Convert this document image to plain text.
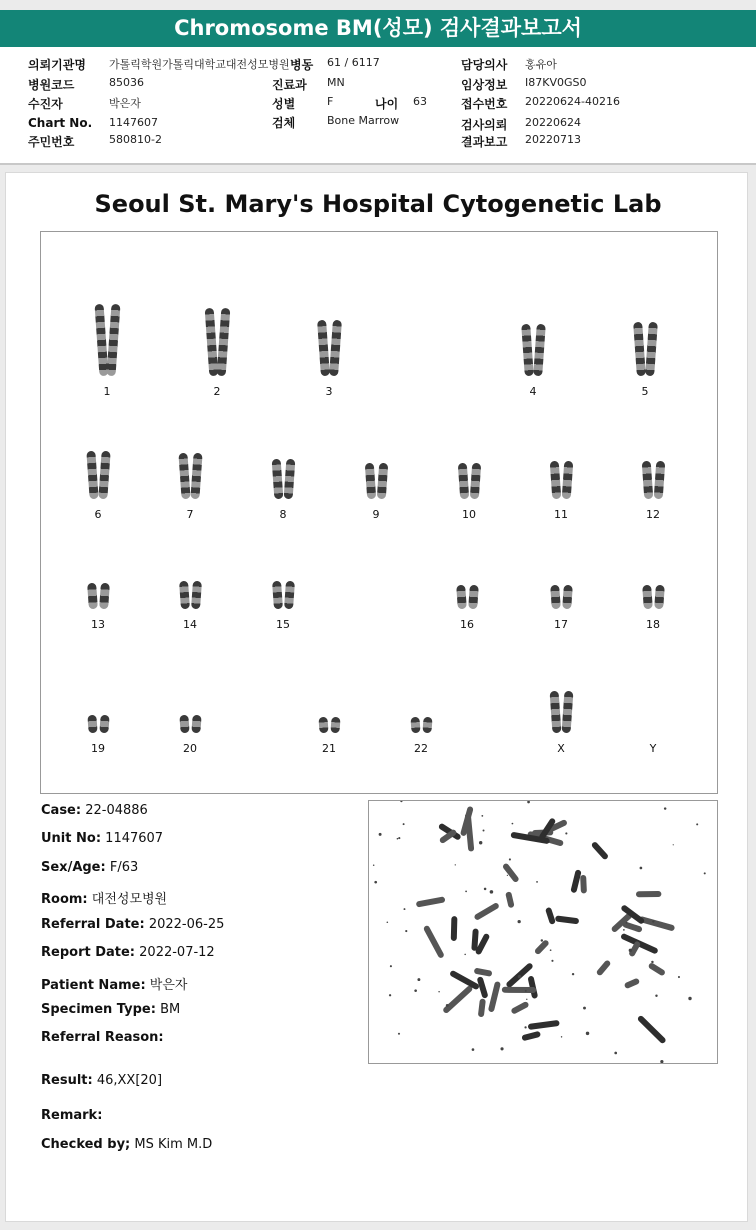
Chromosome BM(성모) 검사결과보고서
의뢰기관명 가톨릭학원가톨릭대학교대전성모병원
병원코드	85036
수진자	박은자
Chart No. 1147607
주민번호	580810-2
병동 61 / 6117
진료과 MN
성별	F	나이 63
검체	Bone Marrow
담당의사 홍유아
임상정보 I87KV0GS0
접수번호 20220624-40216
검사의뢰 20220624
결과보고 20220713
Seoul St. Mary's Hospital Cytogenetic Lab
1	2	3	4	5
6	7	8	9	10	11	12
13	14	15	16	17	18
19	20	21	22	X	Y
Case: 22-04886
Unit No: 1147607
Sex/Age: F/63
Room: 대전성모병원
Referral Date: 2022-06-25
Report Date: 2022-07-12
Patient Name: 박은자
Specimen Type: BM
Referral Reason:
Result: 46,XX[20]
Remark:
Checked by; MS Kim M.D
